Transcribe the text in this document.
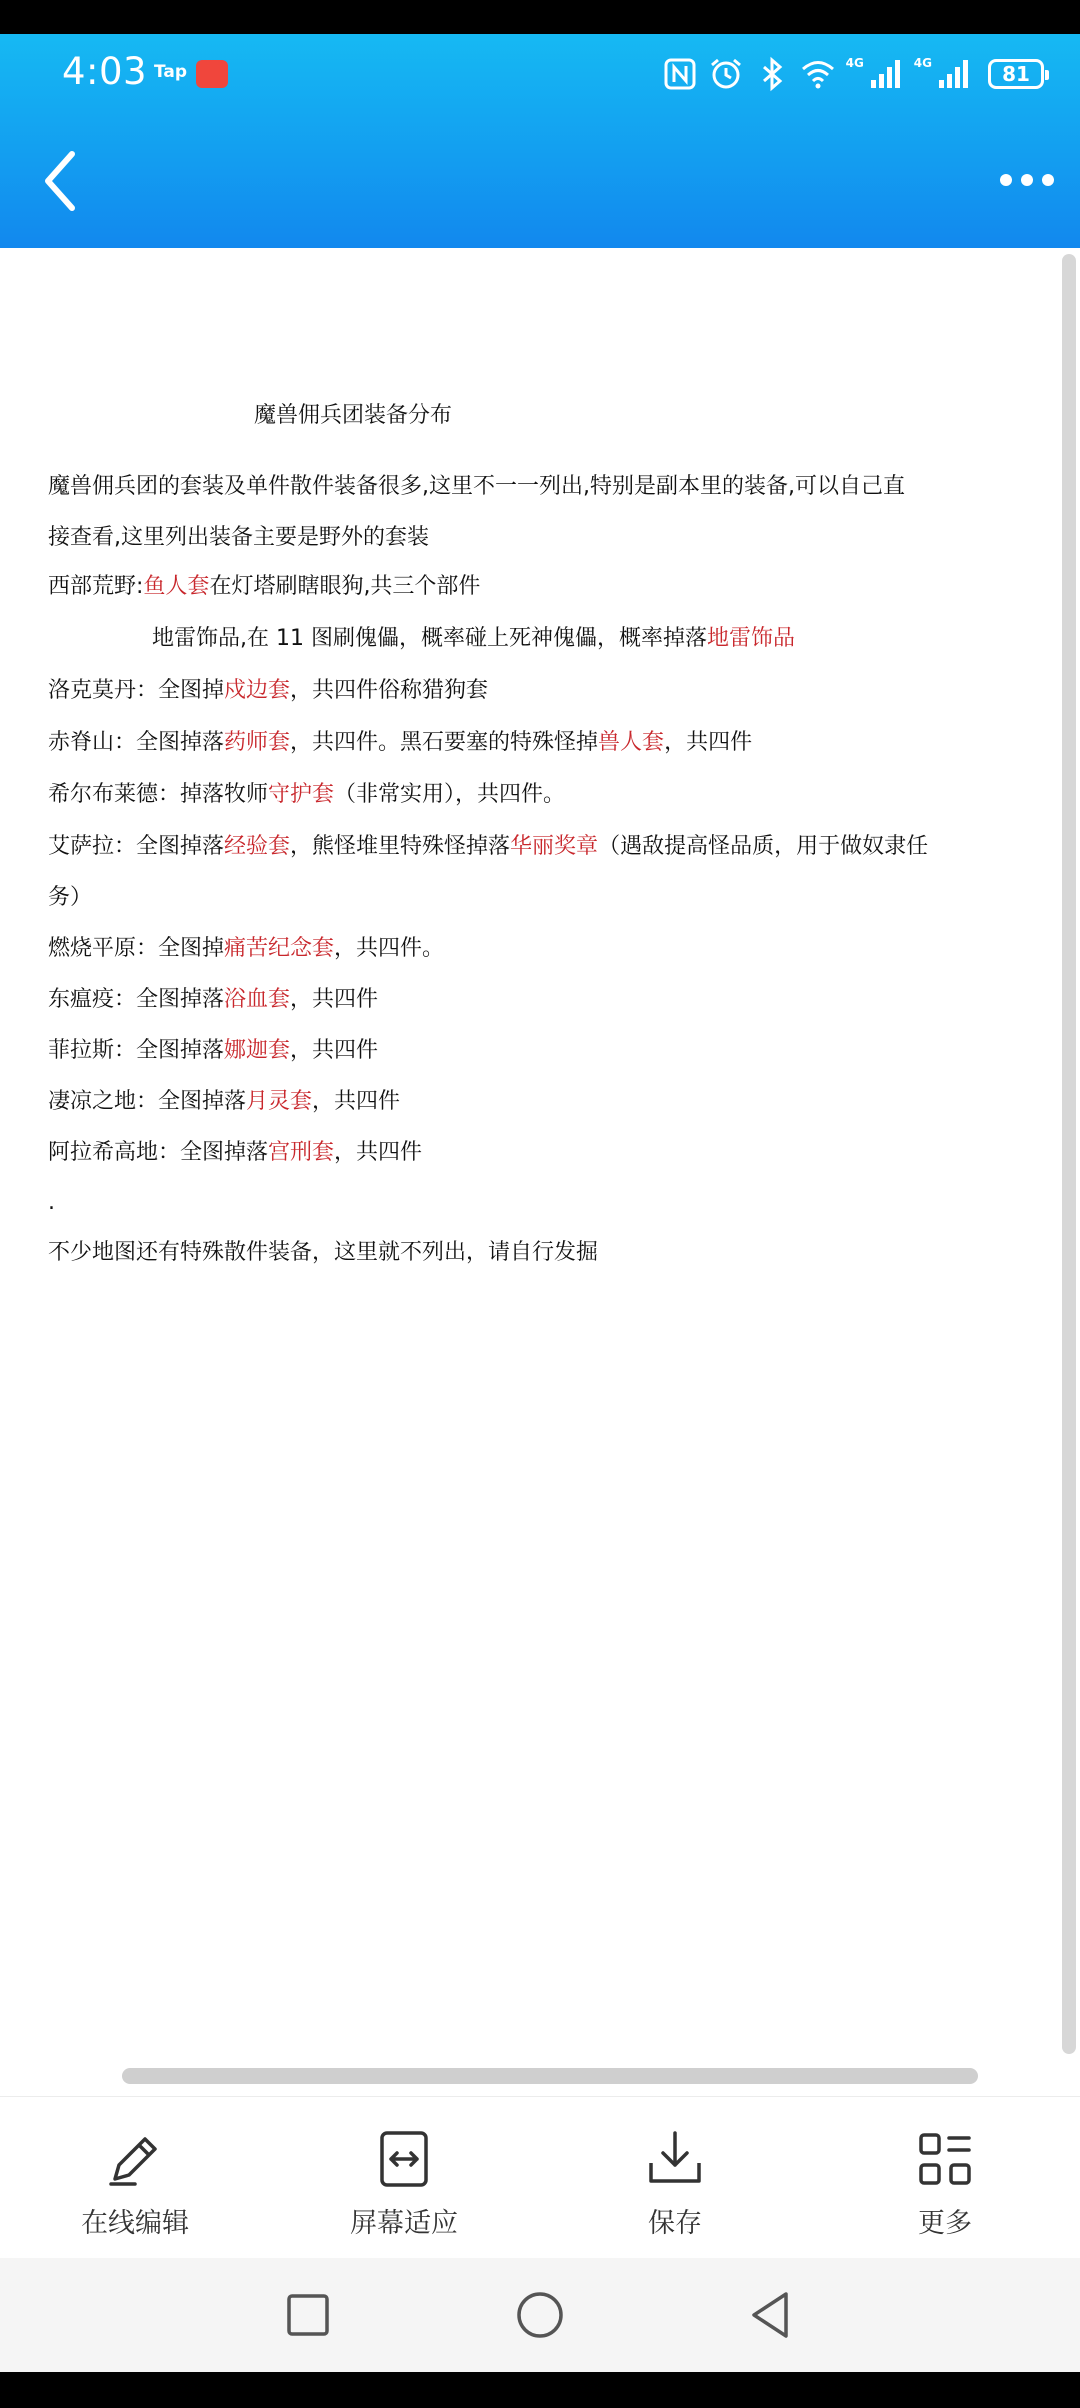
4:03 Tap	4G	4G	81
魔兽佣兵团装备分布
魔兽佣兵团的套装及单件散件装备很多,这里不一一列出,特别是副本里的装备,可以自己直
接查看,这里列出装备主要是野外的套装
西部荒野:鱼人套在灯塔刷瞎眼狗,共三个部件
地雷饰品,在 11 图刷傀儡，概率碰上死神傀儡，概率掉落地雷饰品
洛克莫丹：全图掉戍边套，共四件俗称猎狗套
赤脊山：全图掉落药师套，共四件。黑石要塞的特殊怪掉兽人套，共四件
希尔布莱德：掉落牧师守护套（非常实用），共四件。
艾萨拉：全图掉落经验套，熊怪堆里特殊怪掉落华丽奖章（遇敌提高怪品质，用于做奴隶任
务）
燃烧平原：全图掉痛苦纪念套，共四件。
东瘟疫：全图掉落浴血套，共四件
菲拉斯：全图掉落娜迦套，共四件
凄凉之地：全图掉落月灵套，共四件
阿拉希高地：全图掉落宫刑套，共四件
.
不少地图还有特殊散件装备，这里就不列出，请自行发掘
在线编辑	屏幕适应	保存	更多
